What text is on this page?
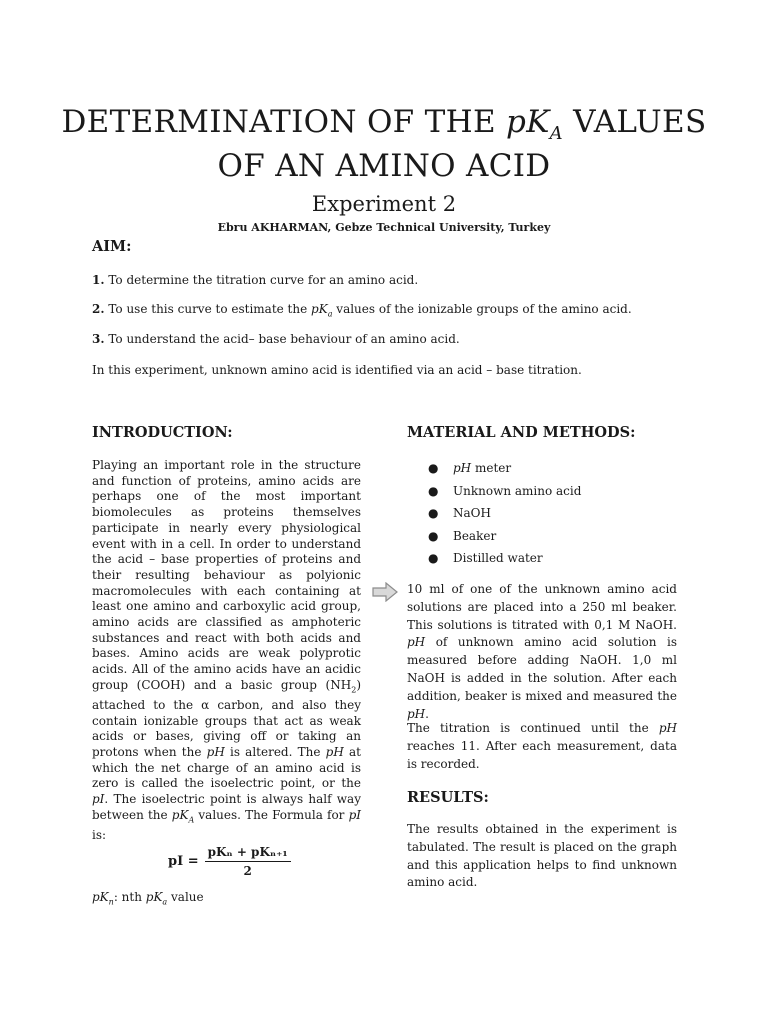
DETERMINATION OF THE $pK_A$ VALUES
OF AN AMINO ACID
Experiment 2
Ebru AKHARMAN, Gebze Technical University, Turkey
AIM:
1. To determine the titration curve for an amino acid.
2. To use this curve to estimate the $pK_a$ values of the ionizable groups of the amino acid.
3. To understand the acid– base behaviour of an amino acid.
In this experiment, unknown amino acid is identified via an acid – base titration.
INTRODUCTION:
Playing an important role in the structure and function of proteins, amino acids are perhaps one of the most important biomolecules as proteins themselves participate in nearly every physiological event with in a cell. In order to understand the acid – base properties of proteins and their resulting behaviour as polyionic macromolecules with each containing at least one amino and carboxylic acid group, amino acids are classified as amphoteric substances and react with both acids and bases. Amino acids are weak polyprotic acids. All of the amino acids have an acidic group (COOH) and a basic group $(NH_2)$ attached to the α carbon, and also they contain ionizable groups that act as weak acids or bases, giving off or taking an protons when the pH is altered. The pH at which the net charge of an amino acid is zero is called the isoelectric point, or the pI. The isoelectric point is always half way between the $pK_A$ values. The Formula for pI is:
pI = $\frac{\text{pKₙ + pKₙ₊₁}}{2}$
$pK_n$: nth $pK_a$ value
MATERIAL AND METHODS:
●	pH meter
●	Unknown amino acid
●	NaOH
●	Beaker
●	Distilled water
10 ml of one of the unknown amino acid solutions are placed into a 250 ml beaker. This solutions is titrated with 0,1 M NaOH. pH of unknown amino acid solution is measured before adding NaOH. 1,0 ml NaOH is added in the solution. After each addition, beaker is mixed and measured the pH.
The titration is continued until the pH reaches 11. After each measurement, data is recorded.
RESULTS:
The results obtained in the experiment is tabulated. The result is placed on the graph and this application helps to find unknown amino acid.
